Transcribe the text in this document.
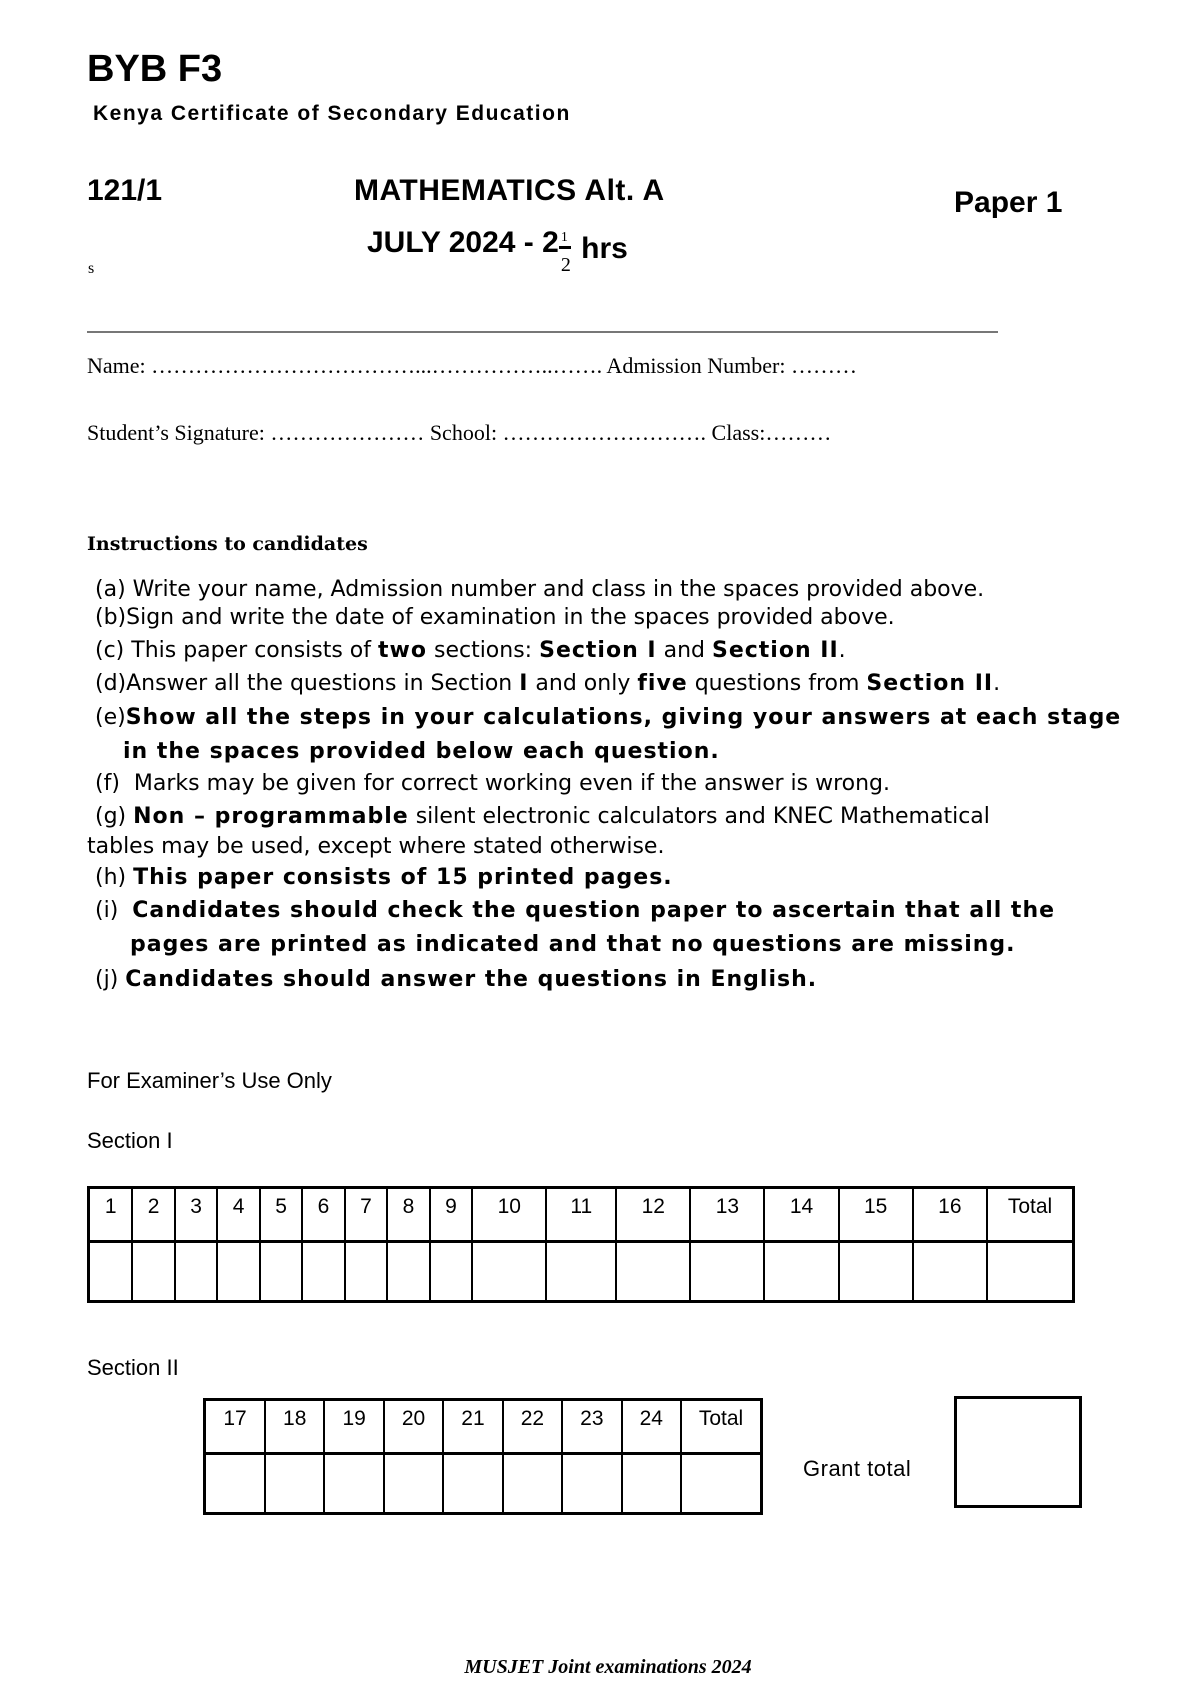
BYB F3
Kenya Certificate of Secondary Education
121/1	MATHEMATICS Alt. A	Paper 1
JULY 2024 - 2 1
2 hrs
s
Name: ………………………………...……………..……. Admission Number: ………
Student’s Signature: ………………… School: ………………………. Class:………
Instructions to candidates
(a) Write your name, Admission number and class in the spaces provided above.
(b)Sign and write the date of examination in the spaces provided above.
(c) This paper consists of two sections: Section I and Section II.
(d)Answer all the questions in Section I and only five questions from Section II.
(e)Show all the steps in your calculations, giving your answers at each stage
in the spaces provided below each question.
(f)  Marks may be given for correct working even if the answer is wrong.
(g) Non – programmable silent electronic calculators and KNEC Mathematical
tables may be used, except where stated otherwise.
(h) This paper consists of 15 printed pages.
(i)  Candidates should check the question paper to ascertain that all the
pages are printed as indicated and that no questions are missing.
(j) Candidates should answer the questions in English.
For Examiner’s Use Only
Section I
1	2	3	4	5	6	7	8	9	10	11	12	13	14	15	16	Total

Section II
17	18	19	20	21	22	23	24	Total

Grant total
MUSJET Joint examinations 2024
